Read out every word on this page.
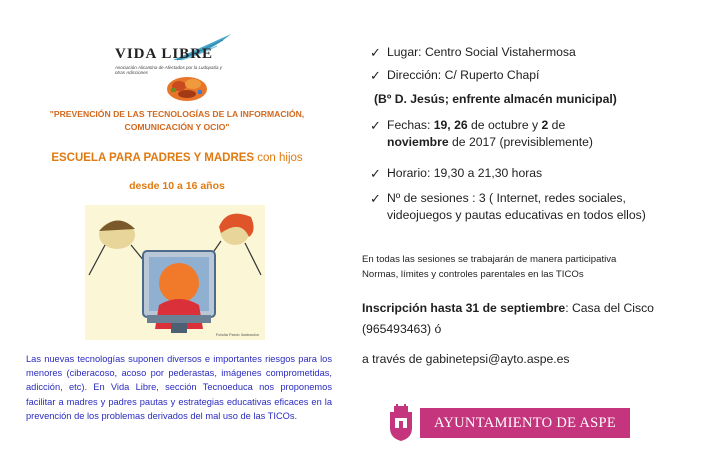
VIDA LIBRE
Asociación Alicantina de Afectados por la Ludopatía y otras Adicciones
"PREVENCIÓN DE LAS TECNOLOGÍAS DE LA INFORMACIÓN, COMUNICACIÓN Y OCIO"
ESCUELA PARA PADRES Y MADRES con hijos
desde 10 a 16 años
Fotolia Pardo Ilustración
Las nuevas tecnologías suponen diversos e importantes riesgos para los menores (ciberacoso, acoso por pederastas, imágenes comprometidas, adicción, etc). En Vida Libre, sección Tecnoeduca nos proponemos facilitar a madres y padres pautas y estrategias educativas eficaces en la prevención de los problemas derivados del mal uso de las TICOs.
✓ Lugar: Centro Social Vistahermosa
✓ Dirección: C/ Ruperto Chapí
(Bº D. Jesús; enfrente almacén municipal)
✓ Fechas: 19, 26 de octubre y 2 de
noviembre de 2017 (previsiblemente)
✓ Horario: 19,30 a 21,30 horas
✓ Nº de sesiones : 3 ( Internet, redes sociales, videojuegos y pautas educativas en todos ellos)
En todas las sesiones se trabajarán de manera participativa
Normas, límites y controles parentales en las TICOs
Inscripción hasta 31 de septiembre: Casa del Cisco (965493463) ó
a través de gabinetepsi@ayto.aspe.es
AYUNTAMIENTO DE ASPE
